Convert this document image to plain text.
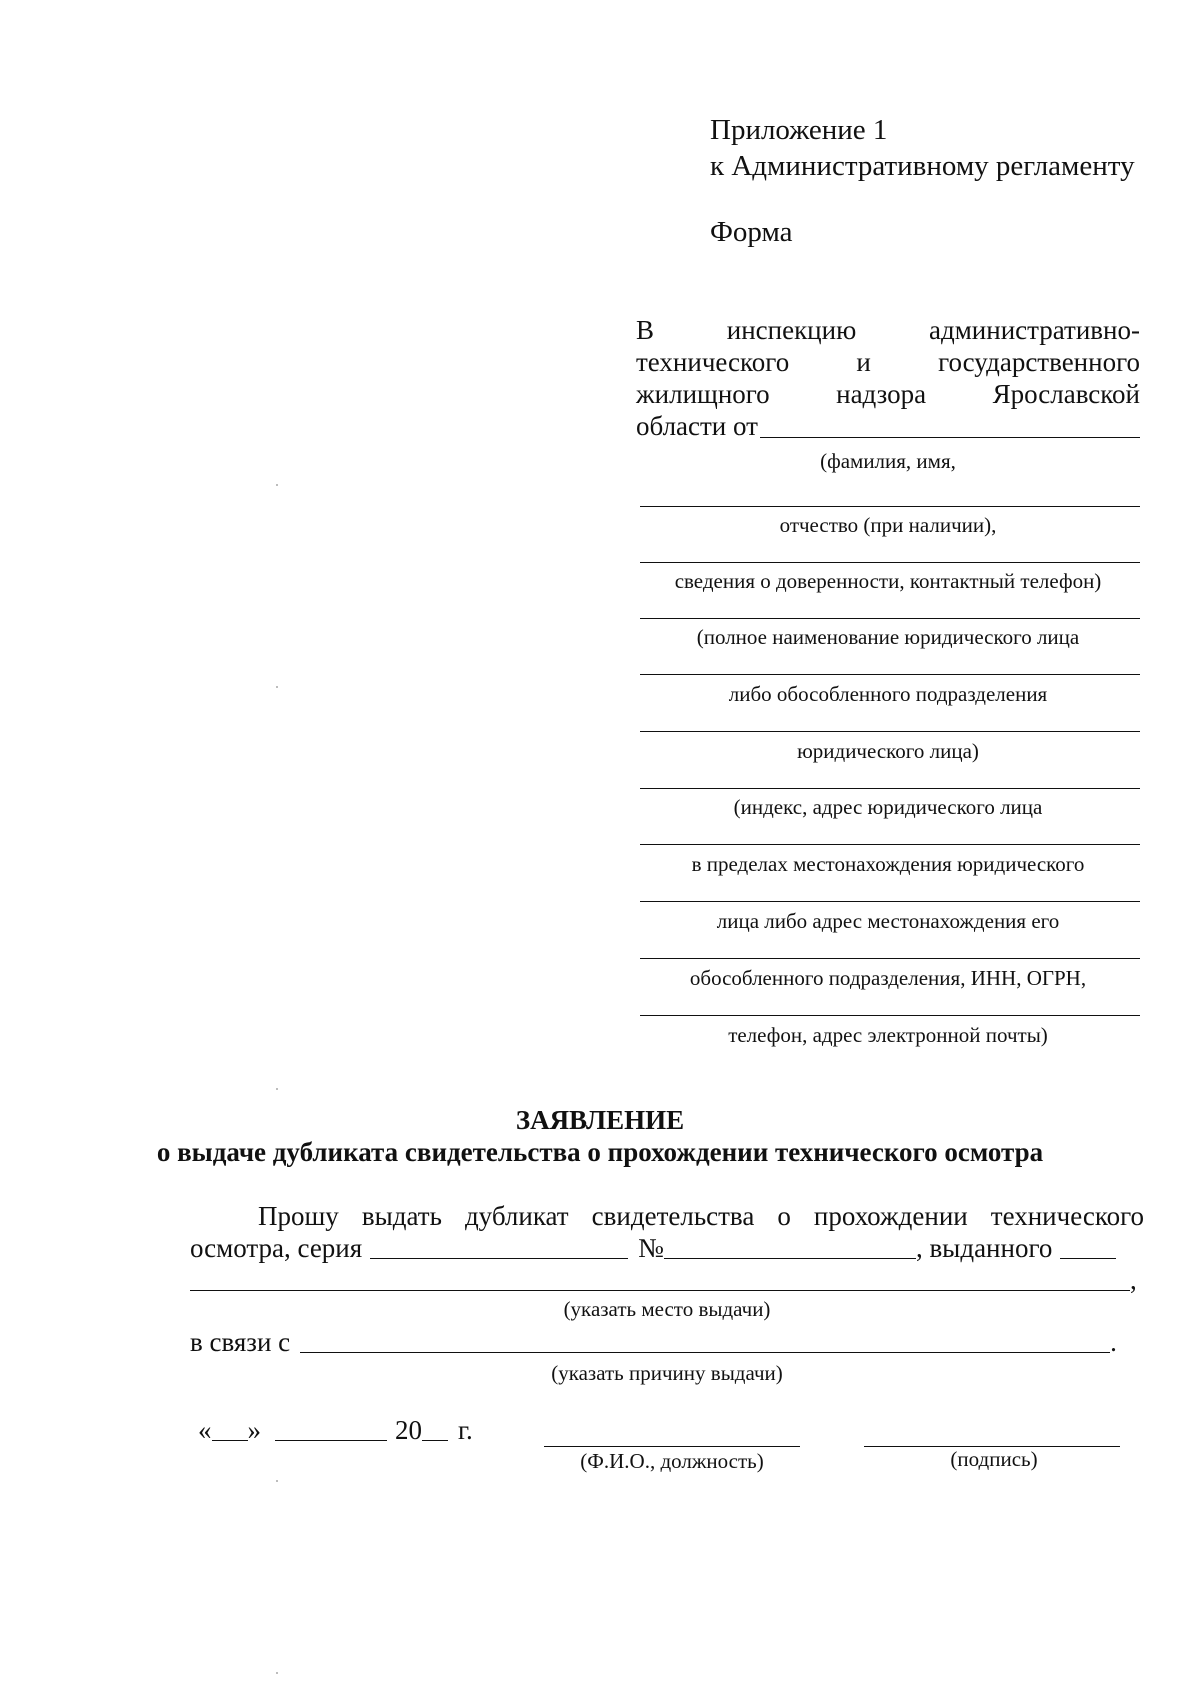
Приложение 1
к Административному регламенту
Форма
В	инспекцию	административно-
технического и государственного
жилищного надзора Ярославской
области от
(фамилия, имя,
отчество (при наличии),
сведения о доверенности, контактный телефон)
(полное наименование юридического лица
либо обособленного подразделения
юридического лица)
(индекс, адрес юридического лица
в пределах местонахождения юридического
лица либо адрес местонахождения его
обособленного подразделения, ИНН, ОГРН,
телефон, адрес электронной почты)
ЗАЯВЛЕНИЕ
о выдаче дубликата свидетельства о прохождении технического осмотра
Прошу выдать дубликат свидетельства о прохождении технического
осмотра, серия	№	, выданного
,
(указать место выдачи)
в связи с	.
(указать причину выдачи)
« »	20 г.
(Ф.И.О., должность)	(подпись)
